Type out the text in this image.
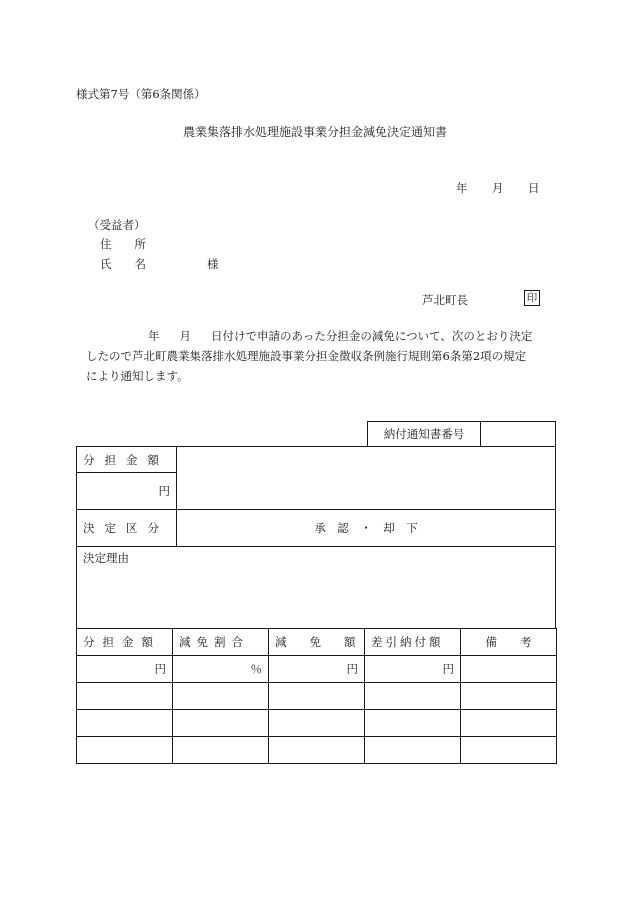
様式第7号（第6条関係）
農業集落排水処理施設事業分担金減免決定通知書
年 月 日
（受益者）
住　　所
氏　　名	様
芦北町長	印
年 月 日付けで申請のあった分担金の減免について、次のとおり決定
したので芦北町農業集落排水処理施設事業分担金徴収条例施行規則第6条第2項の規定
により通知します。
納付通知書番号	
分担金額	
円	
決定区分	承　認　・　却　下
決定理由	
分担金額	減免割合	減　　免　　額	差引納付額	備　　考
円	％	円	円	
